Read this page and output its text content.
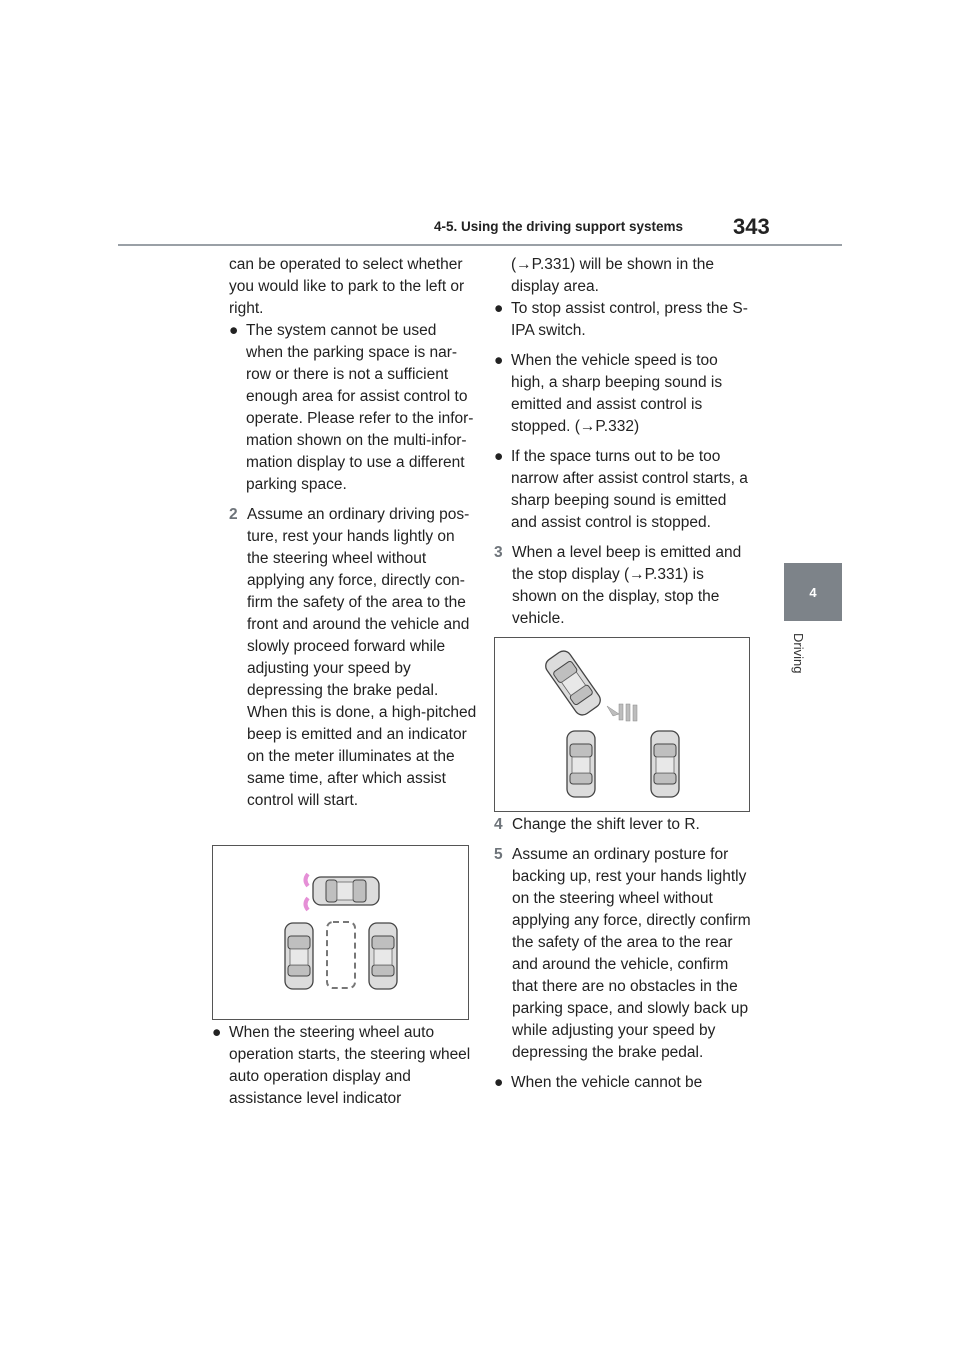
4-5. Using the driving support systems 343
4
Driving

can be operated to select whether you would like to park to the left or right.

● The system cannot be used when the parking space is nar- row or there is not a sufficient enough area for assist control to operate. Please refer to the infor- mation shown on the multi-infor- mation display to use a different parking space.
2 Assume an ordinary driving pos- ture, rest your hands lightly on the steering wheel without applying any force, directly con- firm the safety of the area to the front and around the vehicle and slowly proceed forward while adjusting your speed by depressing the brake pedal. When this is done, a high-pitched beep is emitted and an indicator on the meter illuminates at the same time, after which assist control will start.
● When the steering wheel auto operation starts, the steering wheel auto operation display and assistance level indicator

(→P.331) will be shown in the display area.

● To stop assist control, press the S-IPA switch.
● When the vehicle speed is too high, a sharp beeping sound is emitted and assist control is stopped. (→P.332)
● If the space turns out to be too narrow after assist control starts, a sharp beeping sound is emitted and assist control is stopped.
3 When a level beep is emitted and the stop display (→P.331) is shown on the display, stop the vehicle.
4 Change the shift lever to R.
5 Assume an ordinary posture for backing up, rest your hands lightly on the steering wheel without applying any force, directly confirm the safety of the area to the rear and around the vehicle, confirm that there are no obstacles in the parking space, and slowly back up while adjusting your speed by depressing the brake pedal.
● When the vehicle cannot be
